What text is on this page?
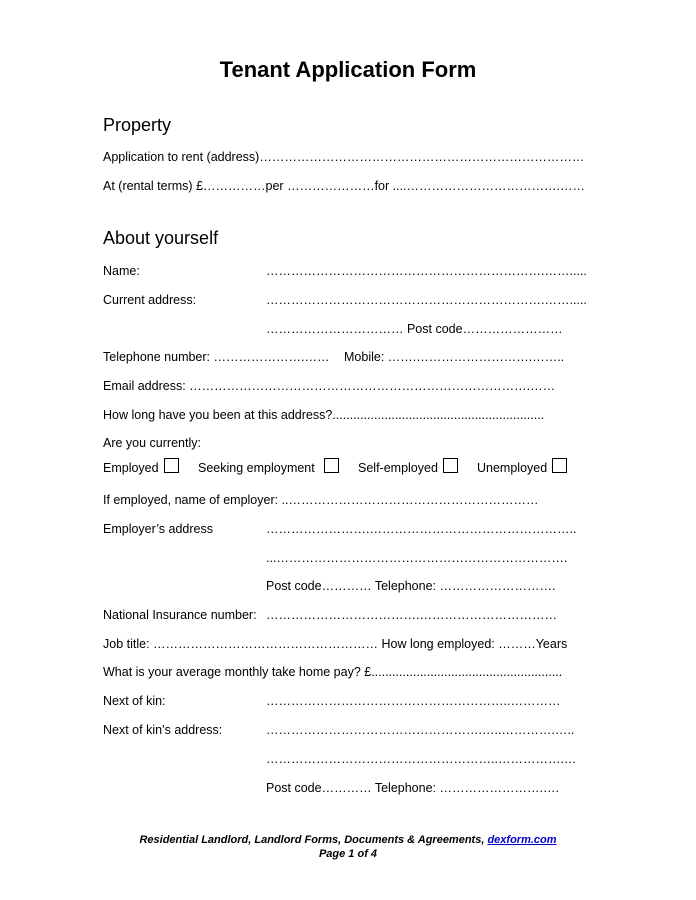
Tenant Application Form
Property
Application to rent (address)……………………………………………………………………
At (rental terms) £……………per …………………for ....……………………………….……
About yourself
Name:	………………………………………………………….…….....
Current address:	………………………………………………………….…….....
…………………………… Post code……………………
Telephone number: ………………….…… Mobile: …….……………………….……..
Email address: ……………………………………………………………………….……
How long have you been at this address?.............................................................
Are you currently:
Employed	Seeking employment	Self-employed	Unemployed
If employed, name of employer: ..……………………………………………………
Employer’s address	…………………….…………………………………………..
...…………………………………………………………….
Post code………… Telephone: ……………………….
National Insurance number: ……………………………….……………………………
Job title: ……………………………………………… How long employed: ………Years
What is your average monthly take home pay? £.......................................................
Next of kin:	…………………………………………………..…………
Next of kin’s address:	…………………………………………….…..………….…..
………………………………………………..…………….…
Post code………… Telephone: …………………….….
Residential Landlord, Landlord Forms, Documents & Agreements, dexform.com
Page 1 of 4
